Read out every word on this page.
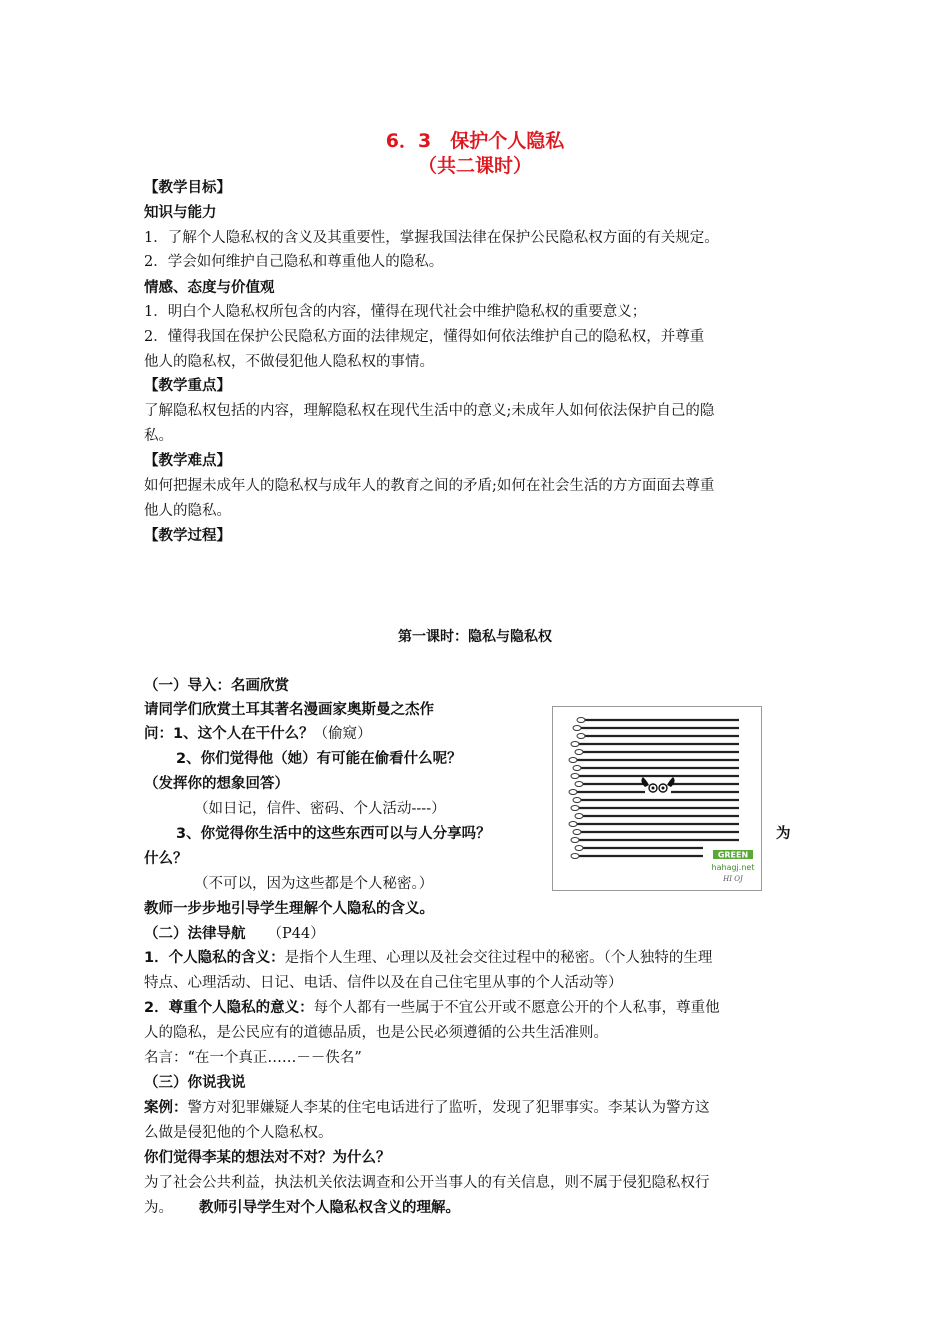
6．3　保护个人隐私
（共二课时）
【教学目标】
知识与能力
1．了解个人隐私权的含义及其重要性，掌握我国法律在保护公民隐私权方面的有关规定。
2．学会如何维护自己隐私和尊重他人的隐私。
情感、态度与价值观
1．明白个人隐私权所包含的内容，懂得在现代社会中维护隐私权的重要意义；
2．懂得我国在保护公民隐私方面的法律规定，懂得如何依法维护自己的隐私权，并尊重
他人的隐私权，不做侵犯他人隐私权的事情。
【教学重点】
了解隐私权包括的内容，理解隐私权在现代生活中的意义;未成年人如何依法保护自己的隐
私。
【教学难点】
如何把握未成年人的隐私权与成年人的教育之间的矛盾;如何在社会生活的方方面面去尊重
他人的隐私。
【教学过程】
第一课时：隐私与隐私权
（一）导入：名画欣赏
请同学们欣赏土耳其著名漫画家奥斯曼之杰作
问：1、这个人在干什么？（偷窥）
2、你们觉得他（她）有可能在偷看什么呢？
（发挥你的想象回答）
（如日记，信件、密码、个人活动----）
3、你觉得你生活中的这些东西可以与人分享吗？	为
什么？
（不可以，因为这些都是个人秘密。）
教师一步步地引导学生理解个人隐私的含义。
（二）法律导航 （P44）
1．个人隐私的含义：是指个人生理、心理以及社会交往过程中的秘密。（个人独特的生理
特点、心理活动、日记、电话、信件以及在自己住宅里从事的个人活动等）
2．尊重个人隐私的意义：每个人都有一些属于不宜公开或不愿意公开的个人私事，尊重他
人的隐私，是公民应有的道德品质，也是公民必须遵循的公共生活准则。
名言：“在一个真正……－－佚名”
（三）你说我说
案例：警方对犯罪嫌疑人李某的住宅电话进行了监听，发现了犯罪事实。李某认为警方这
么做是侵犯他的个人隐私权。
你们觉得李某的想法对不对？为什么？
为了社会公共利益，执法机关依法调查和公开当事人的有关信息，则不属于侵犯隐私权行
为。 教师引导学生对个人隐私权含义的理解。
GREEN
hahagj.net
HI OJ
